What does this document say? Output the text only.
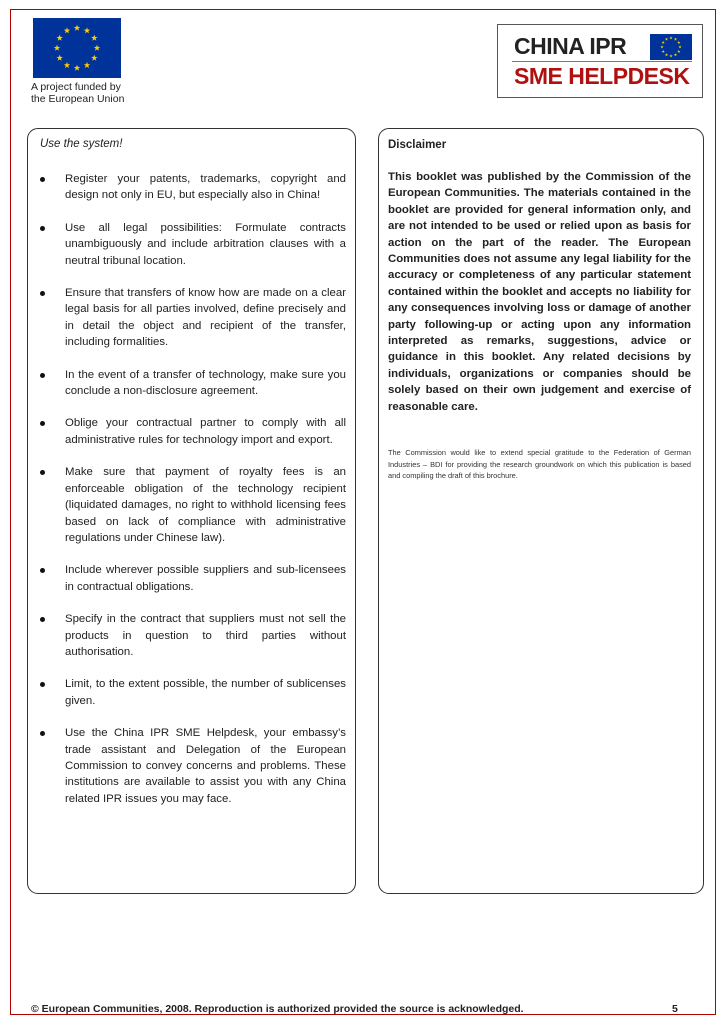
A project funded by
the European Union
CHINA IPR
SME HELPDESK
Use the system!
Register your patents, trademarks, copyright and design not only in EU, but especially also in China!
Use all legal possibilities: Formulate contracts unambiguously and include arbitration clauses with a neutral tribunal location.
Ensure that transfers of know how are made on a clear legal basis for all parties involved, define precisely and in detail the object and recipient of the transfer, including formalities.
In the event of a transfer of technology, make sure you conclude a non-disclosure agreement.
Oblige your contractual partner to comply with all administrative rules for technology import and export.
Make sure that payment of royalty fees is an enforceable obligation of the technology recipient (liquidated damages, no right to withhold licensing fees based on lack of compliance with administrative regulations under Chinese law).
Include wherever possible suppliers and sub-licensees in contractual obligations.
Specify in the contract that suppliers must not sell the products in question to third parties without authorisation.
Limit, to the extent possible, the number of sublicenses given.
Use the China IPR SME Helpdesk, your embassy’s trade assistant and Delegation of the European Commission to convey concerns and problems. These institutions are available to assist you with any China related IPR issues you may face.
Disclaimer
This booklet was published by the Commission of the European Communities. The materials contained in the booklet are provided for general information only, and are not intended to be used or relied upon as basis for action on the part of the reader. The European Communities does not assume any legal liability for the accuracy or completeness of any particular statement contained within the booklet and accepts no liability for any consequences involving loss or damage of another party following-up or acting upon any information interpreted as remarks, suggestions, advice or guidance in this booklet. Any related decisions by individuals, organizations or companies should be solely based on their own judgement and exercise of reasonable care.
The Commission would like to extend special gratitude to the Federation of German Industries – BDI for providing the research groundwork on which this publication is based and compiling the draft of this brochure.
© European Communities, 2008. Reproduction is authorized provided the source is acknowledged.	5
